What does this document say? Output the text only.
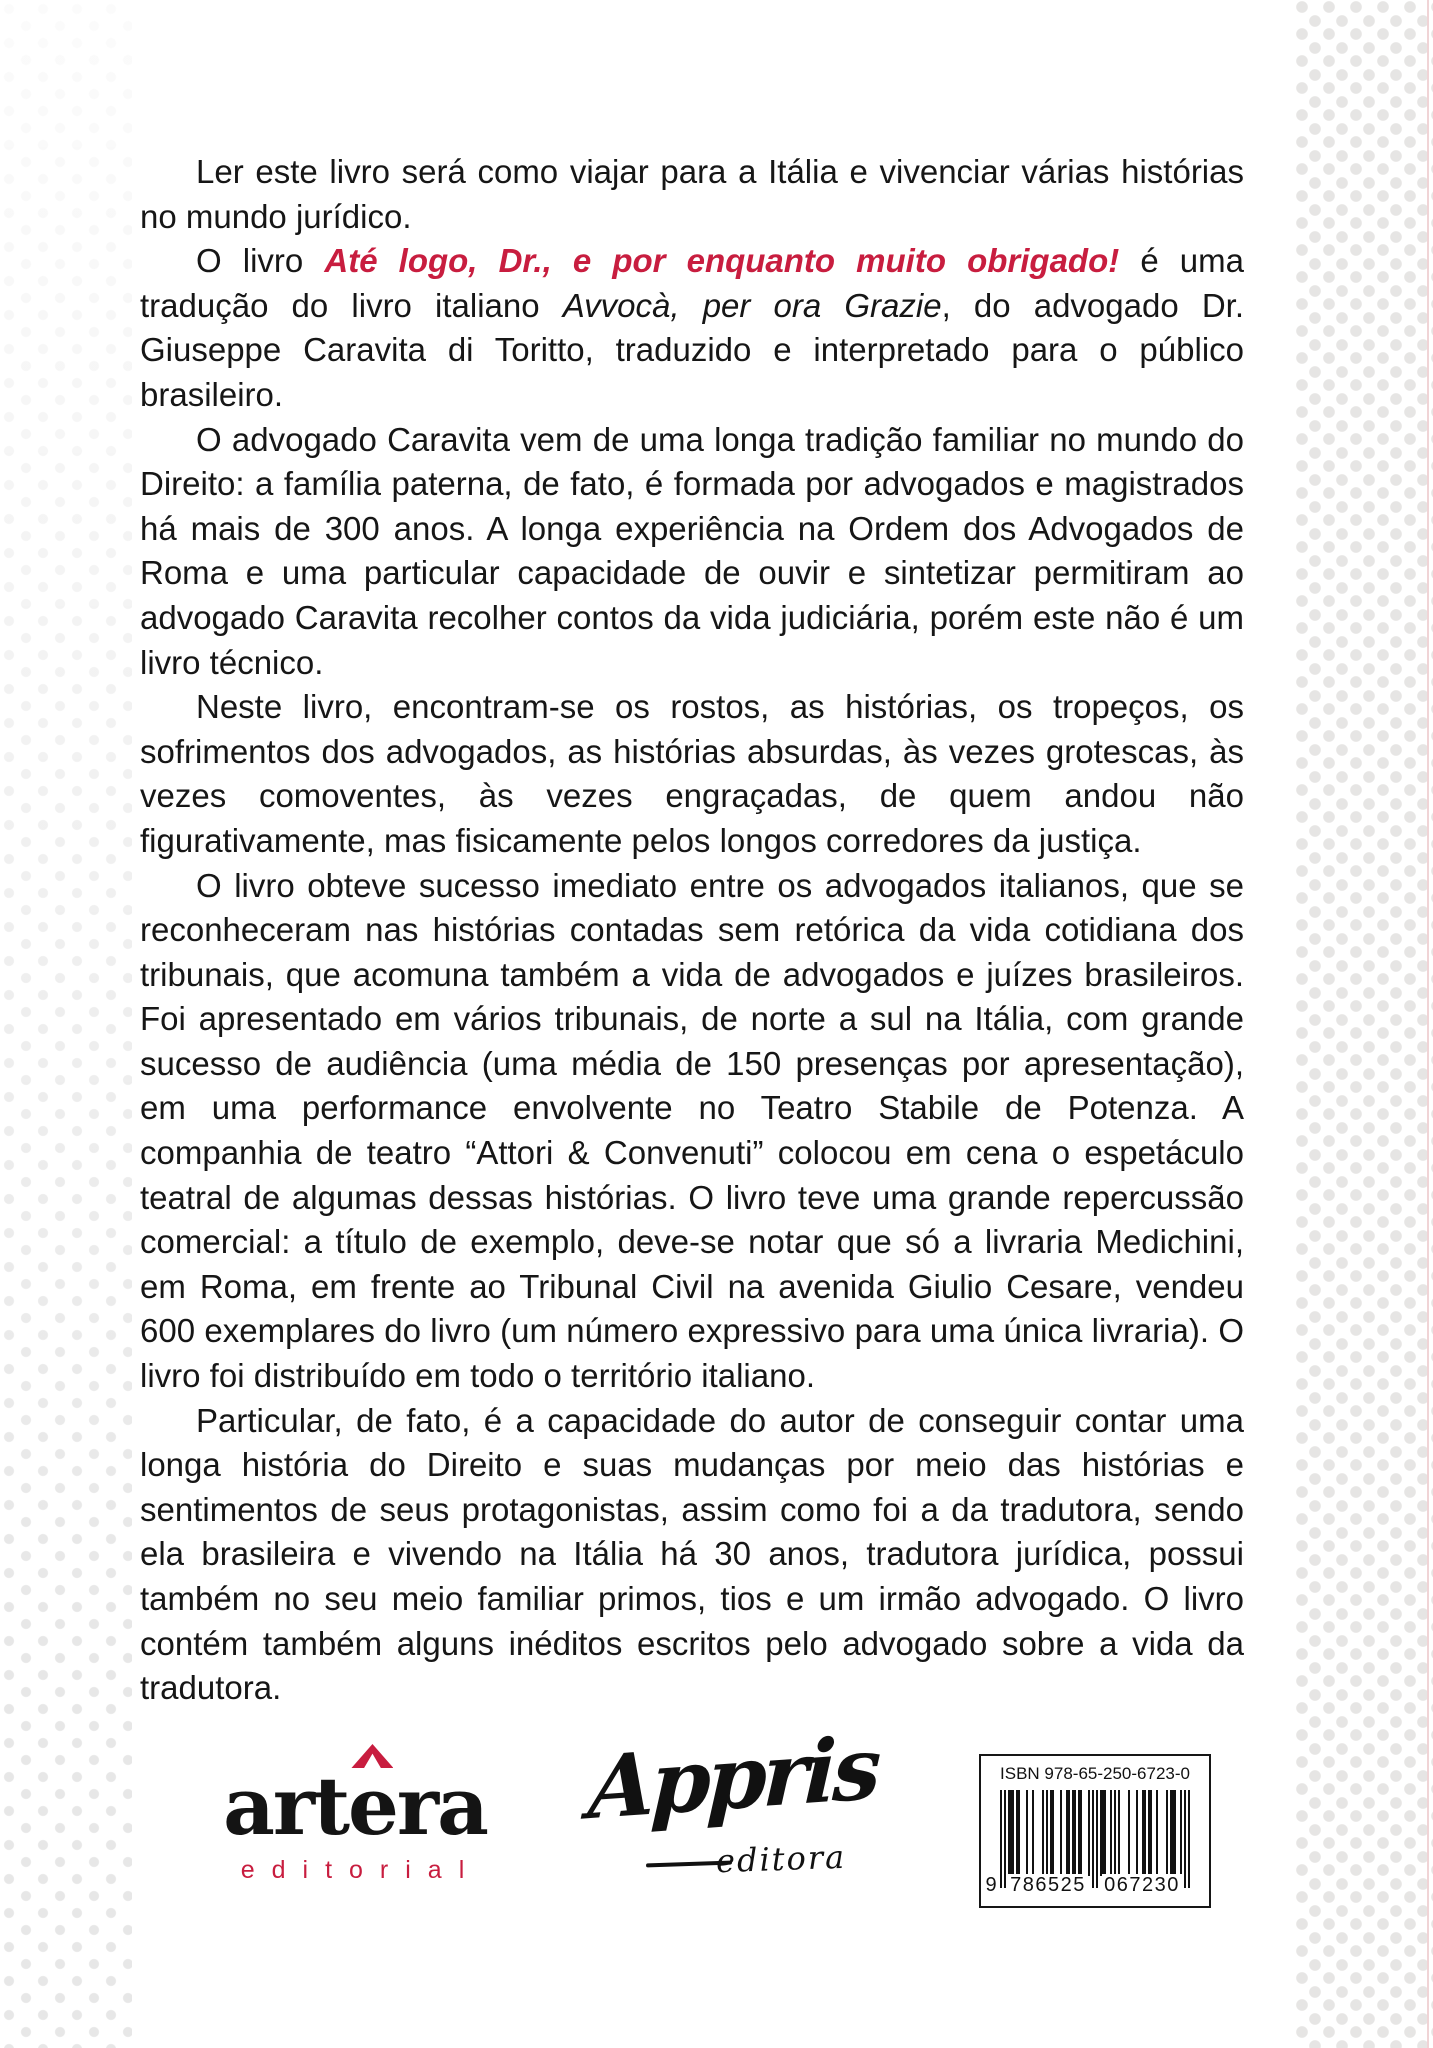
Ler este livro será como viajar para a Itália e vivenciar várias histórias no mundo jurídico.

O livro Até logo, Dr., e por enquanto muito obrigado! é uma tradução do livro italiano Avvocà, per ora Grazie, do advogado Dr. Giuseppe Caravita di Toritto, traduzido e interpretado para o público brasileiro.

O advogado Caravita vem de uma longa tradição familiar no mundo do Direito: a família paterna, de fato, é formada por advogados e magistrados há mais de 300 anos. A longa experiência na Ordem dos Advogados de Roma e uma particular capacidade de ouvir e sintetizar permitiram ao advogado Caravita recolher contos da vida judiciária, porém este não é um livro técnico.

Neste livro, encontram-se os rostos, as histórias, os tropeços, os sofrimentos dos advogados, as histórias absurdas, às vezes grotescas, às vezes comoventes, às vezes engraçadas, de quem andou não figurativamente, mas fisicamente pelos longos corredores da justiça.

O livro obteve sucesso imediato entre os advogados italianos, que se reconheceram nas histórias contadas sem retórica da vida cotidiana dos tribunais, que acomuna também a vida de advogados e juízes brasileiros. Foi apresentado em vários tribunais, de norte a sul na Itália, com grande sucesso de audiência (uma média de 150 presenças por apresentação), em uma performance envolvente no Teatro Stabile de Potenza. A companhia de teatro “Attori & Convenuti” colocou em cena o espetáculo teatral de algumas dessas histórias. O livro teve uma grande repercussão comercial: a título de exemplo, deve-se notar que só a livraria Medichini, em Roma, em frente ao Tribunal Civil na avenida Giulio Cesare, vendeu 600 exemplares do livro (um número expressivo para uma única livraria). O livro foi distribuído em todo o território italiano.

Particular, de fato, é a capacidade do autor de conseguir contar uma longa história do Direito e suas mudanças por meio das histórias e sentimentos de seus protagonistas, assim como foi a da tradutora, sendo ela brasileira e vivendo na Itália há 30 anos, tradutora jurídica, possui também no seu meio familiar primos, tios e um irmão advogado. O livro contém também alguns inéditos escritos pelo advogado sobre a vida da tradutora.

art
era
editorial
Appris
editora
ISBN 978-65-250-6723-0
9 786525 067230
